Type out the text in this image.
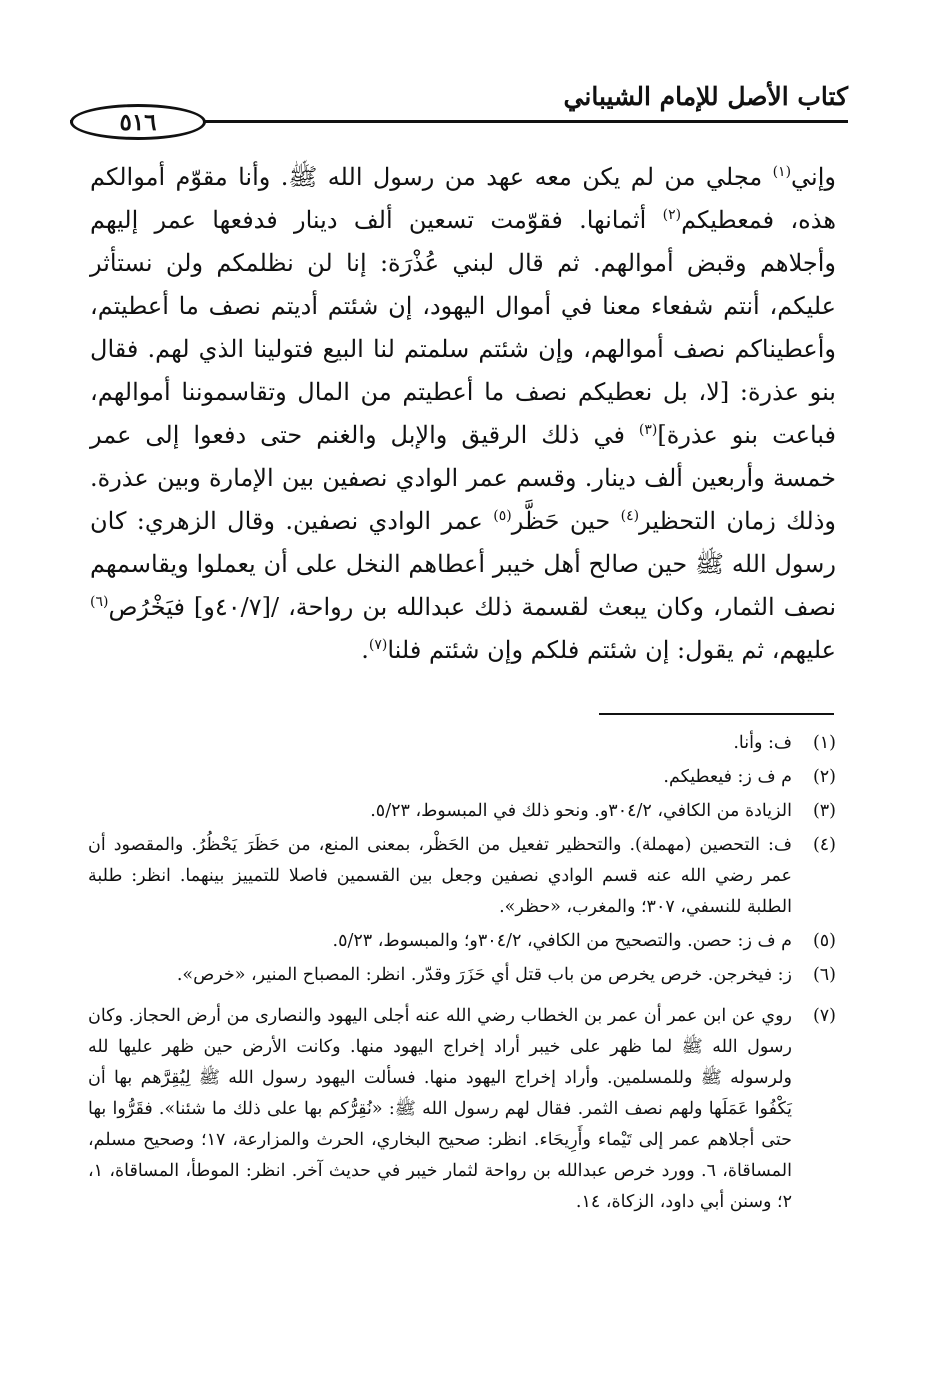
كتاب الأصل للإمام الشيباني
٥١٦

وإني$^{(١)}$ مجلي من لم يكن معه عهد من رسول الله ﷺ. وأنا مقوّم أموالكم هذه، فمعطيكم$^{(٢)}$ أثمانها. فقوّمت تسعين ألف دينار فدفعها عمر إليهم وأجلاهم وقبض أموالهم. ثم قال لبني عُذْرَة: إنا لن نظلمكم ولن نستأثر عليكم، أنتم شفعاء معنا في أموال اليهود، إن شئتم أديتم نصف ما أعطيتم، وأعطيناكم نصف أموالهم، وإن شئتم سلمتم لنا البيع فتولينا الذي لهم. فقال بنو عذرة: [لا، بل نعطيكم نصف ما أعطيتم من المال وتقاسموننا أموالهم، فباعت بنو عذرة]$^{(٣)}$ في ذلك الرقيق والإبل والغنم حتى دفعوا إلى عمر خمسة وأربعين ألف دينار. وقسم عمر الوادي نصفين بين الإمارة وبين عذرة. وذلك زمان التحظير$^{(٤)}$ حين حَظَّر$^{(٥)}$ عمر الوادي نصفين. وقال الزهري: كان رسول الله ﷺ حين صالح أهل خيبر أعطاهم النخل على أن يعملوا ويقاسمهم نصف الثمار، وكان يبعث لقسمة ذلك عبدالله بن رواحة، /[٤٠/٧و] فيَخْرُص$^{(٦)}$ عليهم، ثم يقول: إن شئتم فلكم وإن شئتم فلنا$^{(٧)}$.

(١)
ف: وأنا.
(٢)
م ف ز: فيعطيكم.
(٣)
الزيادة من الكافي، ٣٠٤/٢و. ونحو ذلك في المبسوط، ٥/٢٣.
(٤)
ف: التحصين (مهملة). والتحظير تفعيل من الحَظْر، بمعنى المنع، من حَظَرَ يَحْظُرُ. والمقصود أن عمر رضي الله عنه قسم الوادي نصفين وجعل بين القسمين فاصلا للتمييز بينهما. انظر: طلبة الطلبة للنسفي، ٣٠٧؛ والمغرب، «حظر».
(٥)
م ف ز: حصن. والتصحيح من الكافي، ٣٠٤/٢و؛ والمبسوط، ٥/٢٣.
(٦)
ز: فيخرجن. خرص يخرص من باب قتل أي حَزَرَ وقدّر. انظر: المصباح المنير، «خرص».
(٧)
روي عن ابن عمر أن عمر بن الخطاب رضي الله عنه أجلى اليهود والنصارى من أرض الحجاز. وكان رسول الله ﷺ لما ظهر على خيبر أراد إخراج اليهود منها. وكانت الأرض حين ظهر عليها لله ولرسوله ﷺ وللمسلمين. وأراد إخراج اليهود منها. فسألت اليهود رسول الله ﷺ لِيُقِرَّهم بها أن يَكْفُوا عَمَلَها ولهم نصف الثمر. فقال لهم رسول الله ﷺ: «نُقِرُّكم بها على ذلك ما شئنا». فقَرُّوا بها حتى أجلاهم عمر إلى تَيْماء وأَرِيحَاء. انظر: صحيح البخاري، الحرث والمزارعة، ١٧؛ وصحيح مسلم، المساقاة، ٦. وورد خرص عبدالله بن رواحة لثمار خيبر في حديث آخر. انظر: الموطأ، المساقاة، ١، ٢؛ وسنن أبي داود، الزكاة، ١٤.
